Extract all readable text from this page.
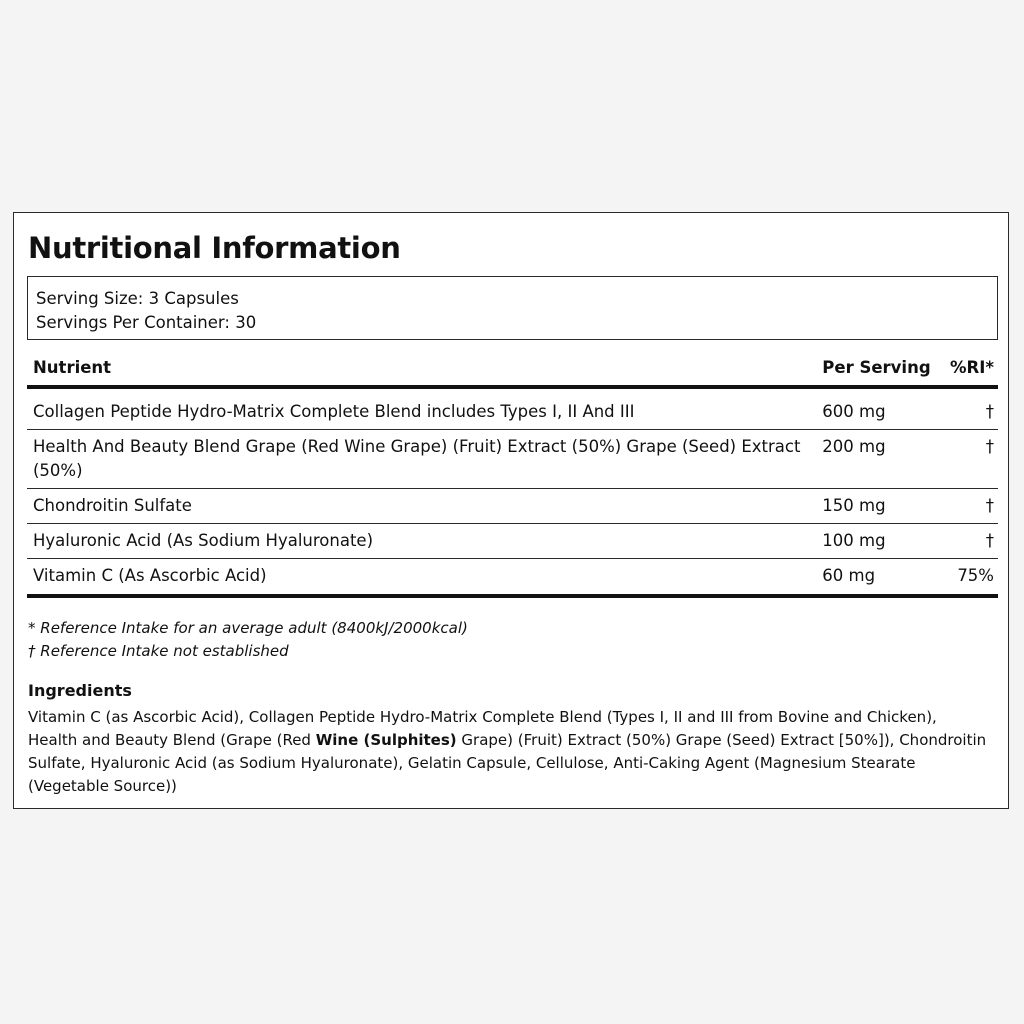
Nutritional Information
Serving Size: 3 Capsules
Servings Per Container: 30
Nutrient	Per Serving	%RI*
Collagen Peptide Hydro-Matrix Complete Blend includes Types I, II And III	600 mg	†
Health And Beauty Blend Grape (Red Wine Grape) (Fruit) Extract (50%) Grape (Seed) Extract (50%)	200 mg	†
Chondroitin Sulfate	150 mg	†
Hyaluronic Acid (As Sodium Hyaluronate)	100 mg	†
Vitamin C (As Ascorbic Acid)	60 mg	75%
* Reference Intake for an average adult (8400kJ/2000kcal)
† Reference Intake not established
Ingredients

Vitamin C (as Ascorbic Acid), Collagen Peptide Hydro-Matrix Complete Blend (Types I, II and III from Bovine and Chicken), Health and Beauty Blend (Grape (Red Wine (Sulphites) Grape) (Fruit) Extract (50%) Grape (Seed) Extract [50%]), Chondroitin Sulfate, Hyaluronic Acid (as Sodium Hyaluronate), Gelatin Capsule, Cellulose, Anti-Caking Agent (Magnesium Stearate (Vegetable Source))
